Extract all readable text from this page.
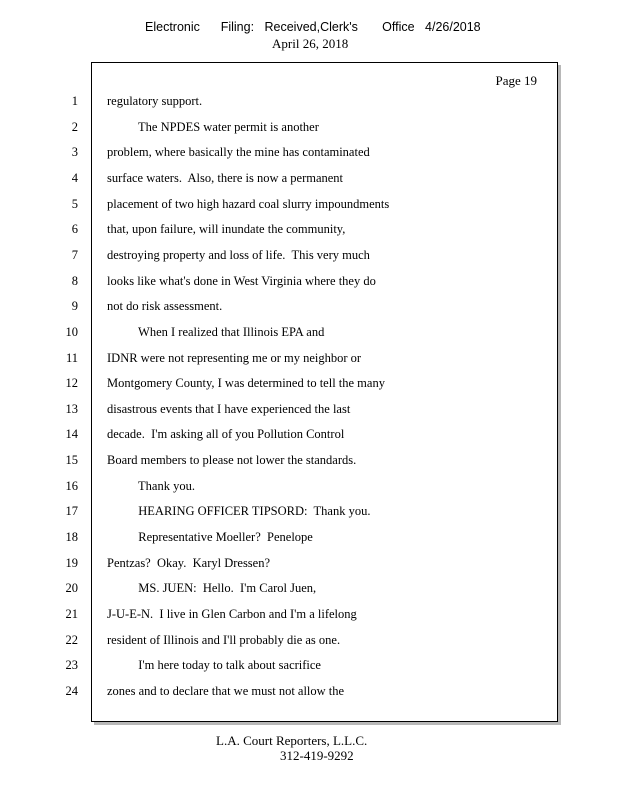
Electronic      Filing:   Received,Clerk's       Office   4/26/2018

April 26, 2018

Page 19
1 regulatory support.
2 The NPDES water permit is another
3 problem, where basically the mine has contaminated
4 surface waters.  Also, there is now a permanent
5 placement of two high hazard coal slurry impoundments
6 that, upon failure, will inundate the community,
7 destroying property and loss of life.  This very much
8 looks like what's done in West Virginia where they do
9 not do risk assessment.
10 When I realized that Illinois EPA and
11 IDNR were not representing me or my neighbor or
12 Montgomery County, I was determined to tell the many
13 disastrous events that I have experienced the last
14 decade.  I'm asking all of you Pollution Control
15 Board members to please not lower the standards.
16 Thank you.
17 HEARING OFFICER TIPSORD:  Thank you.
18 Representative Moeller?  Penelope
19 Pentzas?  Okay.  Karyl Dressen?
20 MS. JUEN:  Hello.  I'm Carol Juen,
21 J-U-E-N.  I live in Glen Carbon and I'm a lifelong
22 resident of Illinois and I'll probably die as one.
23 I'm here today to talk about sacrifice
24 zones and to declare that we must not allow the
L.A. Court Reporters, L.L.C.
312-419-9292
